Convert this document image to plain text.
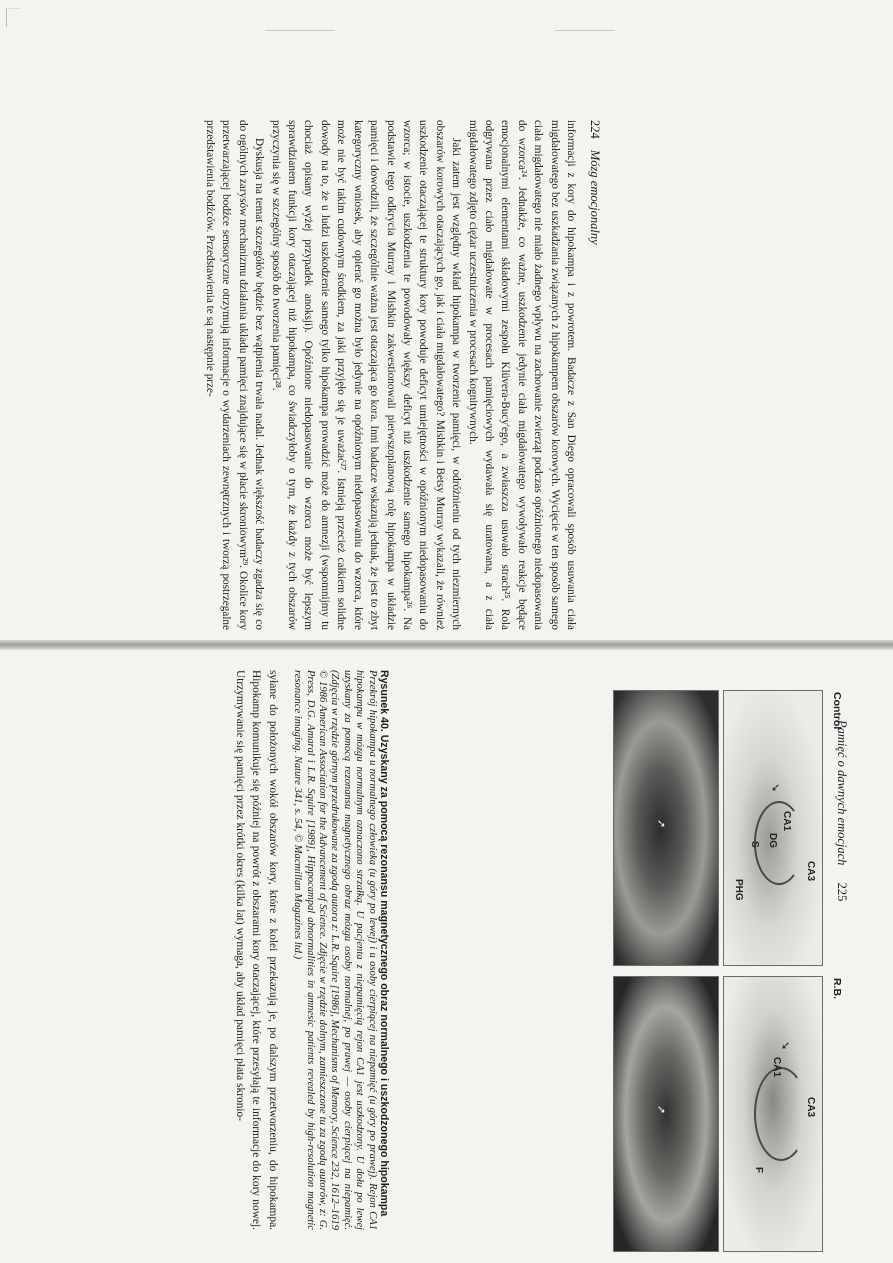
224 Mózg emocjonalny

informacji z kory do hipokampa i z powrotem. Badacze z San Diego opracowali sposób usuwania ciała migdałowatego bez uszkadzania związanych z hipokampem obszarów korowych. Wycięcie w ten sposób samego ciała migdałowatego nie miało żadnego wpływu na zachowanie zwierząt podczas opóźnionego niedopasowania do wzorca²⁴. Jednakże, co ważne, uszkodzenie jedynie ciała migdałowatego wywoływało reakcje będące emocjonalnymi elementami składowymi zespołu Klüvera-Bucy'ego, a zwłaszcza usuwało strach²⁵. Rola odgrywana przez ciało migdałowate w procesach pamięciowych wydawała się uratowana, a z ciała migdałowatego zdjęto ciężar uczestniczenia w procesach kognitywnych.

Jaki zatem jest względny wkład hipokampa w tworzenie pamięci, w odróżnieniu od tych niezmiernych obszarów korowych otaczających go, jak i ciała migdałowatego? Mishkin i Betsy Murray wykazali, że również uszkodzenie otaczającej te struktury kory powoduje deficyt umiejętności w opóźnionym niedopasowaniu do wzorca; w istocie, uszkodzenia te powodowały większy deficyt niż uszkodzenie samego hipokampa²⁶. Na podstawie tego odkrycia Murray i Mishkin zakwestionowali pierwszoplanową rolę hipokampa w układzie pamięci i dowodzili, że szczególnie ważna jest otaczająca go kora. Inni badacze wskazują jednak, że jest to zbyt kategoryczny wniosek, aby opierać go można było jedynie na opóźnionym niedopasowaniu do wzorca, które może nie być takim cudownym środkiem, za jaki przyjęło się je uważać²⁷. Istnieją przecież całkiem solidne dowody na to, że u ludzi uszkodzenie samego tylko hipokampa prowadzić może do amnezji (wspomnijmy tu chociaż opisany wyżej przypadek anoksji). Opóźnione niedopasowanie do wzorca może być lepszym sprawdzianem funkcji kory otaczającej niż hipokampa, co świadczyłoby o tym, że każdy z tych obszarów przyczynia się w szczególny sposób do tworzenia pamięci²⁸.

Dyskusja na temat szczegółów będzie bez wątpienia trwała nadal. Jednak większość badaczy zgadza się co do ogólnych zarysów mechanizmu działania układu pamięci znajdujące się w płacie skroniowym²⁹. Okolice kory przetwarzającej bodźce sensoryczne otrzymują informacje o wydarzeniach zewnętrznych i tworzą postrzegalne przedstawienia bodźców. Przedstawienia te są następnie prze-

Pamięć o dawnych emocjach 225
Control
R.B.
CA1
CA3
S
PHG
DG
➘
CA1
CA3
F
➘
➚
➚
Rysunek 40. Uzyskany za pomocą rezonansu magnetycznego obraz normalnego i uszkodzonego hipokampa
Przekrój hipokampa u normalnego człowieka (u góry po lewej) i u osoby cierpiącej na niepamięć (u góry po prawej). Rejon CA1 hipokampu w mózgu normalnym oznaczono strzałką. U pacjenta z niepamięcią rejon CA1 jest uszkodzony. U dołu po lewej uzyskany za pomocą rezonansu magnetycznego obraz mózgu osoby normalnej, po prawej — osoby cierpiącej na niepamięć. (Zdjęcia w rzędzie górnym przedrukowane za zgodą autora z: L.R. Squire [1986], Mechanisms of Memory, Science 232, 1612–1619 © 1986 American Association for the Advancement of Science. Zdjęcie w rzędzie dolnym, zamieszczone tu za zgodą autorów, z: G. Press, D.G. Amaral i L.R. Squire [1989], Hippocampal abnormalities in amnesic patients revealed by high-resolution magnetic resonance imaging. Nature 341, s. 54, © Macmillan Magazines ltd.)

syłane do położonych wokół obszarów kory, które z kolei przekazują je, po dalszym przetworzeniu, do hipokampa. Hipokamp komunikuje się później na powrót z obszarami kory otaczającej, które przesyłają te informacje do kory nowej. Utrzymywanie się pamięci przez krótki okres (kilka lat) wymaga, aby układ pamięci płata skronio-
